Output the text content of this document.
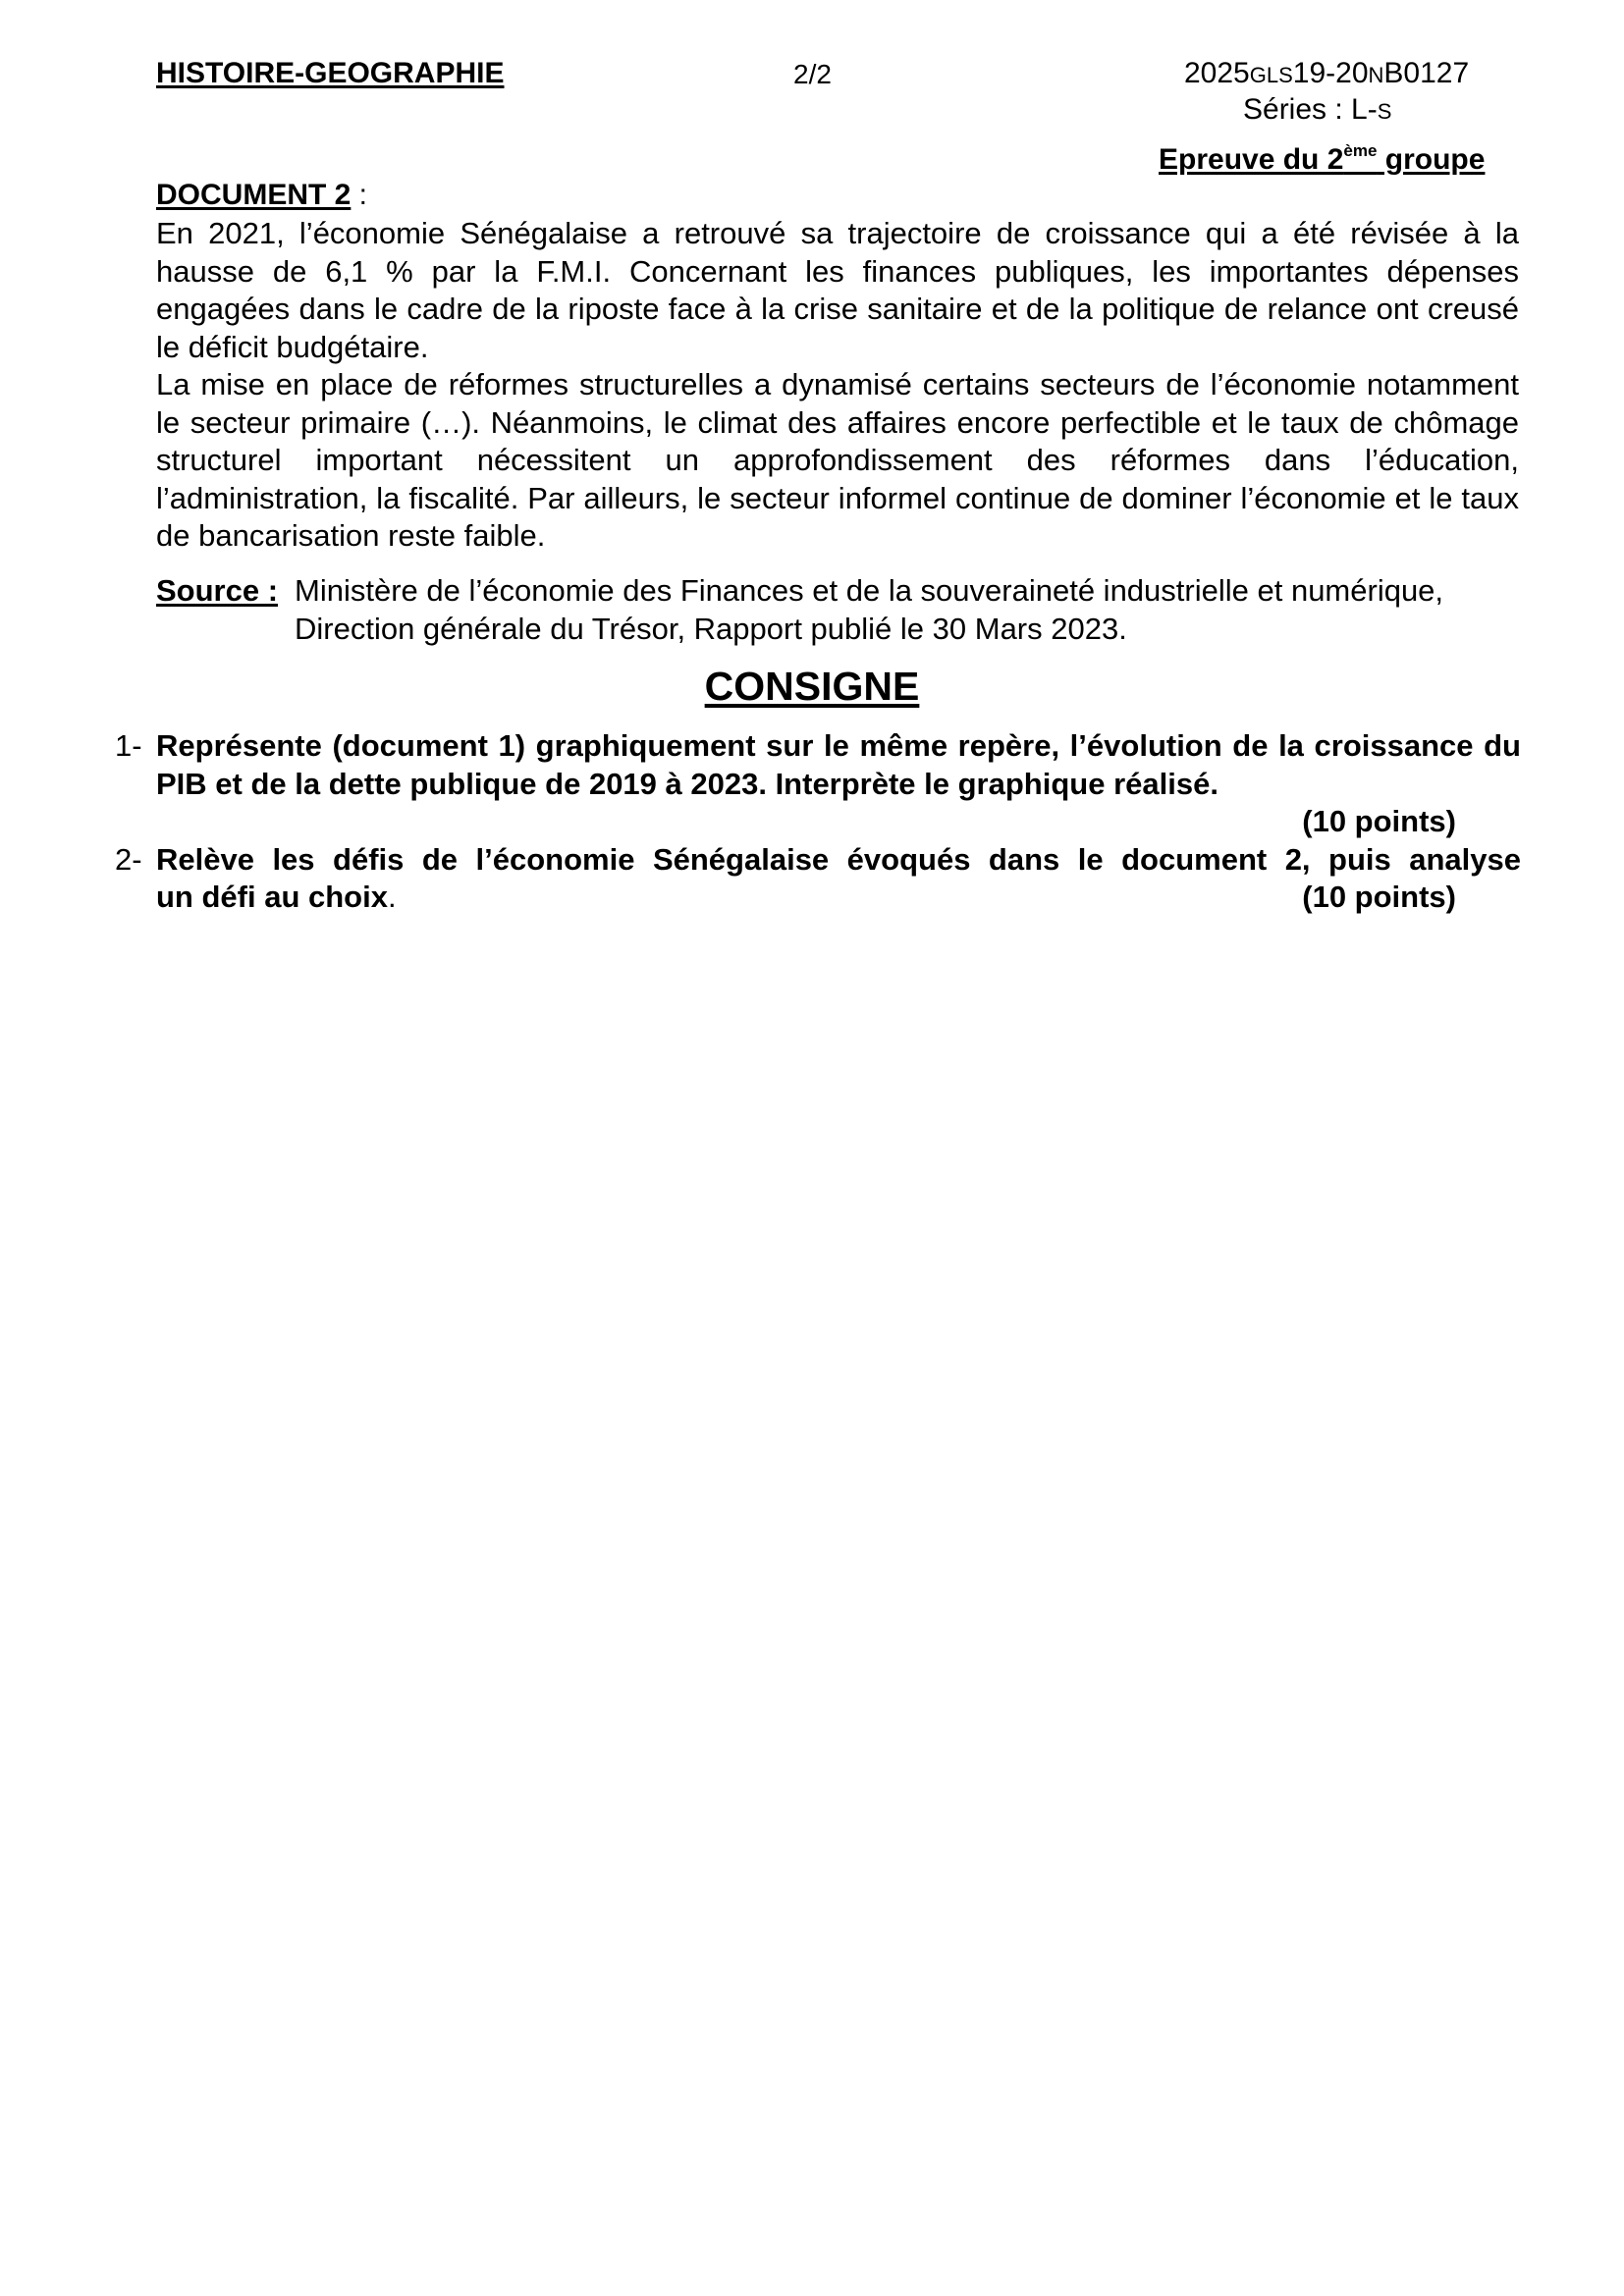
HISTOIRE-GEOGRAPHIE	2/2	2025GLS19-20NB0127
Séries : L-S
Epreuve du 2ème groupe
DOCUMENT 2 :

En 2021, l’économie Sénégalaise a retrouvé sa trajectoire de croissance qui a été révisée à la hausse de 6,1 % par la F.M.I. Concernant les finances publiques, les importantes dépenses engagées dans le cadre de la riposte face à la crise sanitaire et de la politique de relance ont creusé le déficit budgétaire.

La mise en place de réformes structurelles a dynamisé certains secteurs de l’économie notamment le secteur primaire (…). Néanmoins, le climat des affaires encore perfectible et le taux de chômage structurel important nécessitent un approfondissement des réformes dans l’éducation, l’administration, la fiscalité. Par ailleurs, le secteur informel continue de dominer l’économie et le taux de bancarisation reste faible.

Source : Ministère de l’économie des Finances et de la souveraineté industrielle et numérique, Direction générale du Trésor, Rapport publié le 30 Mars 2023.
CONSIGNE
1- Représente (document 1) graphiquement sur le même repère, l’évolution de la croissance du PIB et de la dette publique de 2019 à 2023. Interprète le graphique réalisé.
(10 points)
2- Relève les défis de l’économie Sénégalaise évoqués dans le document 2, puis analyse
un défi au choix.	(10 points)
